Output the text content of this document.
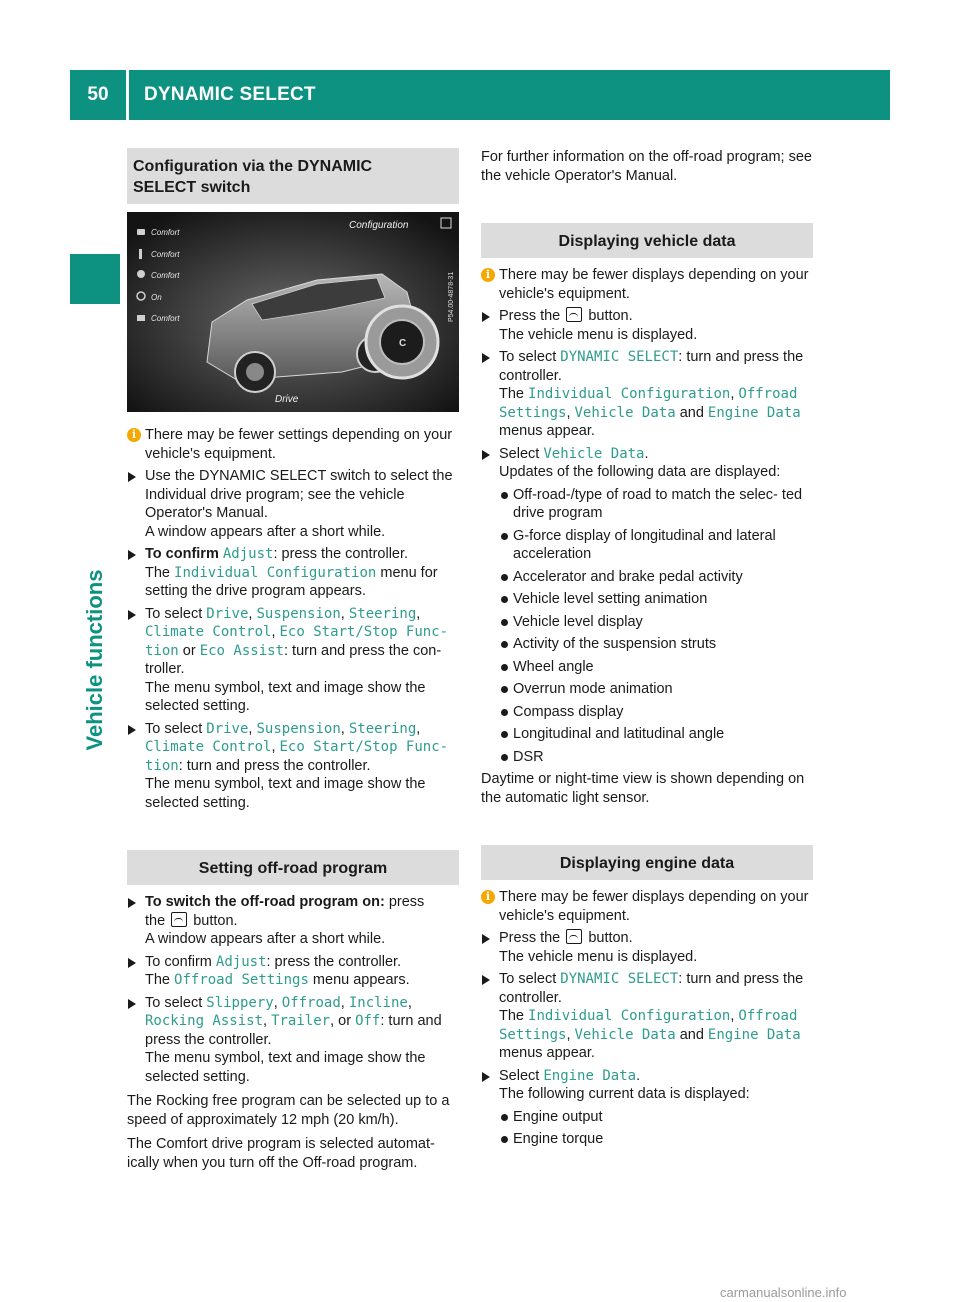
50	DYNAMIC SELECT
Vehicle functions
Configuration via the DYNAMIC
SELECT switch
C
Comfort
Comfort
Comfort
On
Comfort
Configuration
Drive
P54.00-4878-31
i There may be fewer settings depending on your vehicle's equipment.

Use the DYNAMIC SELECT switch to select the Individual drive program; see the vehicle Operator's Manual.

A window appears after a short while.

To confirm Adjust: press the controller.

The Individual Configuration menu for setting the drive program appears.

To select Drive, Suspension, Steering, Climate Control, Eco Start/Stop Func‐ tion or Eco Assist: turn and press the con- troller.

The menu symbol, text and image show the selected setting.

To select Drive, Suspension, Steering, Climate Control, Eco Start/Stop Func‐ tion: turn and press the controller.

The menu symbol, text and image show the selected setting.

Setting off-road program

To switch the off-road program on: press

the button.

A window appears after a short while.

To confirm Adjust: press the controller.

The Offroad Settings menu appears.

To select Slippery, Offroad, Incline, Rocking Assist, Trailer, or Off: turn and press the controller.

The menu symbol, text and image show the selected setting.

The Rocking free program can be selected up to a speed of approximately 12 mph (20 km/h).

The Comfort drive program is selected automat- ically when you turn off the Off-road program.

For further information on the off-road program; see the vehicle Operator's Manual.

Displaying vehicle data
i There may be fewer displays depending on your vehicle's equipment.

Press the button.

The vehicle menu is displayed.

To select DYNAMIC SELECT: turn and press the controller.

The Individual Configuration, Offroad Settings, Vehicle Data and Engine Data menus appear.

Select Vehicle Data.

Updates of the following data are displayed:

Off-road-/type of road to match the selec- ted drive program
G-force display of longitudinal and lateral acceleration
Accelerator and brake pedal activity
Vehicle level setting animation
Vehicle level display
Activity of the suspension struts
Wheel angle
Overrun mode animation
Compass display
Longitudinal and latitudinal angle
DSR

Daytime or night-time view is shown depending on the automatic light sensor.

Displaying engine data
i There may be fewer displays depending on your vehicle's equipment.

Press the button.

The vehicle menu is displayed.

To select DYNAMIC SELECT: turn and press the controller.

The Individual Configuration, Offroad Settings, Vehicle Data and Engine Data menus appear.

Select Engine Data.

The following current data is displayed:

Engine output
Engine torque
carmanualsonline.info
